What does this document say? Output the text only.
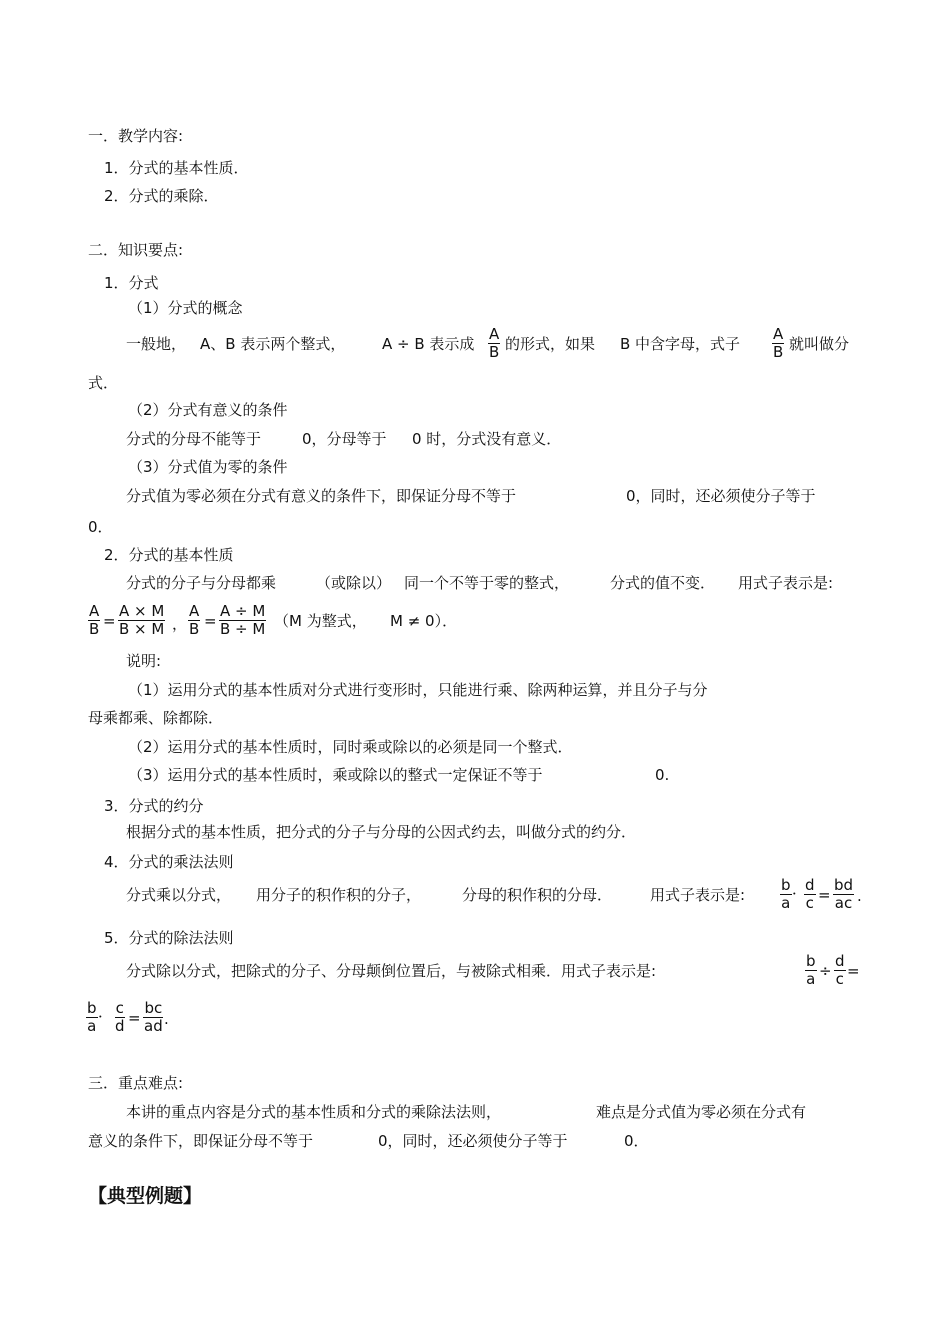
一．教学内容:
1．分式的基本性质．
2．分式的乘除．
二．知识要点:
1．分式
（1）分式的概念
一般地， A、B 表示两个整式， A ÷ B 表示成 $\frac{A}{B}$ 的形式，如果 B 中含字母，式子 $\frac{A}{B}$ 就叫做分
式．
（2）分式有意义的条件
分式的分母不能等于	0，分母等于 0 时，分式没有意义．
（3）分式值为零的条件
分式值为零必须在分式有意义的条件下，即保证分母不等于	0，同时，还必须使分子等于
0．
2．分式的基本性质
分式的分子与分母都乘	（或除以） 同一个不等于零的整式，	分式的值不变． 用式子表示是:
$\frac{A}{B} = \frac{A \times M}{B \times M}$ ， $\frac{A}{B} = \frac{A \div M}{B \div M} (M$ 为整式， M ≠ 0）．
说明:
（1）运用分式的基本性质对分式进行变形时，只能进行乘、除两种运算，并且分子与分
母乘都乘、除都除．
（2）运用分式的基本性质时，同时乘或除以的必须是同一个整式．
（3）运用分式的基本性质时，乘或除以的整式一定保证不等于	0.
3．分式的约分
根据分式的基本性质，把分式的分子与分母的公因式约去，叫做分式的约分．
4．分式的乘法法则
分式乘以分式， 用分子的积作积的分子，	分母的积作积的分母．	用式子表示是: $\frac{b}{a}$ ．
$\frac{d}{c} = \frac{bd}{ac}$ .
5．分式的除法法则
分式除以分式，把除式的分子、分母颠倒位置后，与被除式相乘．用式子表示是:	$\frac{b}{a} \div \frac{d}{c}$ =
$\frac{b}{a}$ ． $\frac{c}{d} = \frac{bc}{ad}$ .
三．重点难点:
本讲的重点内容是分式的基本性质和分式的乘除法法则，	难点是分式值为零必须在分式有
意义的条件下，即保证分母不等于	0，同时，还必须使分子等于	0．
【典型例题】
